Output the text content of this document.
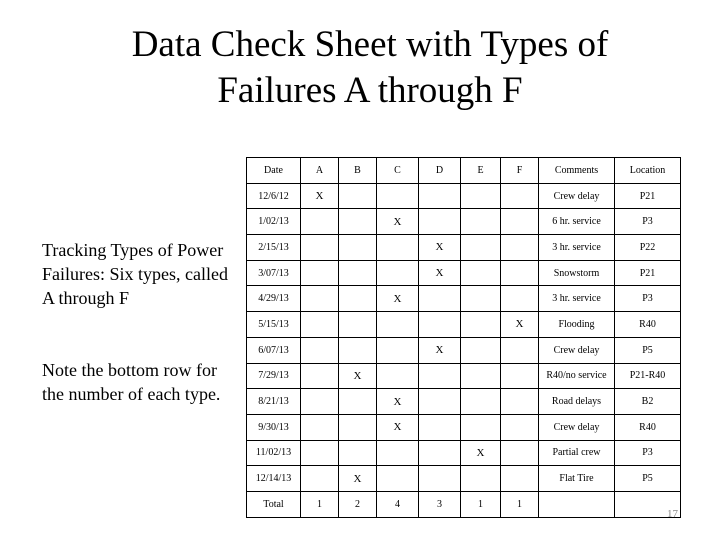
Data Check Sheet with Types of
Failures A through F
Tracking Types of Power Failures: Six types, called A through F
Note the bottom row for the number of each type.
Date	A	B	C	D	E	F	Comments	Location
12/6/12	X						Crew delay	P21
1/02/13			X				6 hr. service	P3
2/15/13				X			3 hr. service	P22
3/07/13				X			Snowstorm	P21
4/29/13			X				3 hr. service	P3
5/15/13						X	Flooding	R40
6/07/13				X			Crew delay	P5
7/29/13		X					R40/no service	P21-R40
8/21/13			X				Road delays	B2
9/30/13			X				Crew delay	R40
11/02/13					X		Partial crew	P3
12/14/13		X					Flat Tire	P5
Total	1	2	4	3	1	1		
17
